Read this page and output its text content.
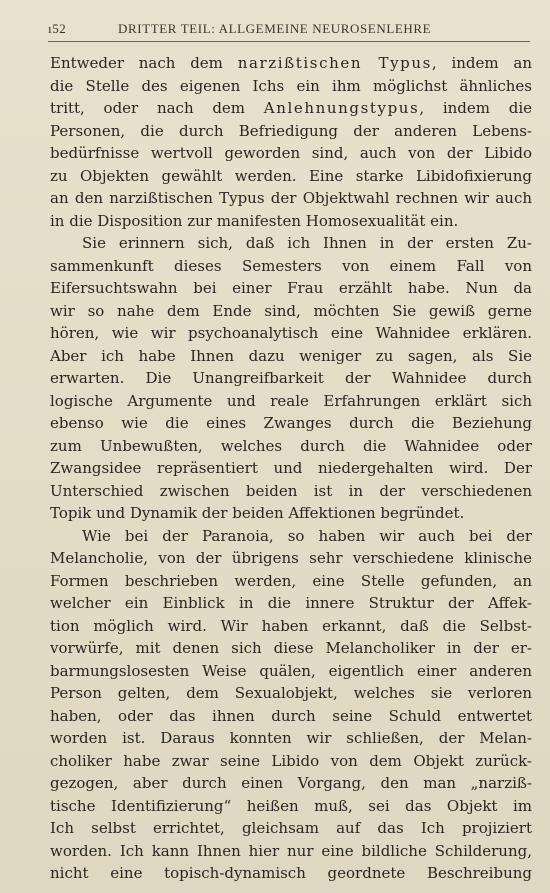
ı52	DRITTER TEIL: ALLGEMEINE NEUROSENLEHRE
Entweder nach dem narzißtischen Typus, indem an
die Stelle des eigenen Ichs ein ihm möglichst ähnliches
tritt, oder nach dem Anlehnungstypus, indem die
Personen, die durch Befriedigung der anderen Lebens-
bedürfnisse wertvoll geworden sind, auch von der Libido
zu Objekten gewählt werden. Eine starke Libidofixierung
an den narzißtischen Typus der Objektwahl rechnen wir auch
in die Disposition zur manifesten Homosexualität ein.
Sie erinnern sich, daß ich Ihnen in der ersten Zu-
sammenkunft dieses Semesters von einem Fall von
Eifersuchtswahn bei einer Frau erzählt habe. Nun da
wir so nahe dem Ende sind, möchten Sie gewiß gerne
hören, wie wir psychoanalytisch eine Wahnidee erklären.
Aber ich habe Ihnen dazu weniger zu sagen, als Sie
erwarten. Die Unangreifbarkeit der Wahnidee durch
logische Argumente und reale Erfahrungen erklärt sich
ebenso wie die eines Zwanges durch die Beziehung
zum Unbewußten, welches durch die Wahnidee oder
Zwangsidee repräsentiert und niedergehalten wird. Der
Unterschied zwischen beiden ist in der verschiedenen
Topik und Dynamik der beiden Affektionen begründet.
Wie bei der Paranoia, so haben wir auch bei der
Melancholie, von der übrigens sehr verschiedene klinische
Formen beschrieben werden, eine Stelle gefunden, an
welcher ein Einblick in die innere Struktur der Affek-
tion möglich wird. Wir haben erkannt, daß die Selbst-
vorwürfe, mit denen sich diese Melancholiker in der er-
barmungslosesten Weise quälen, eigentlich einer anderen
Person gelten, dem Sexualobjekt, welches sie verloren
haben, oder das ihnen durch seine Schuld entwertet
worden ist. Daraus konnten wir schließen, der Melan-
choliker habe zwar seine Libido von dem Objekt zurück-
gezogen, aber durch einen Vorgang, den man „narziß-
tische Identifizierung“ heißen muß, sei das Objekt im
Ich selbst errichtet, gleichsam auf das Ich projiziert
worden. Ich kann Ihnen hier nur eine bildliche Schilderung,
nicht eine topisch-dynamisch geordnete Beschreibung
